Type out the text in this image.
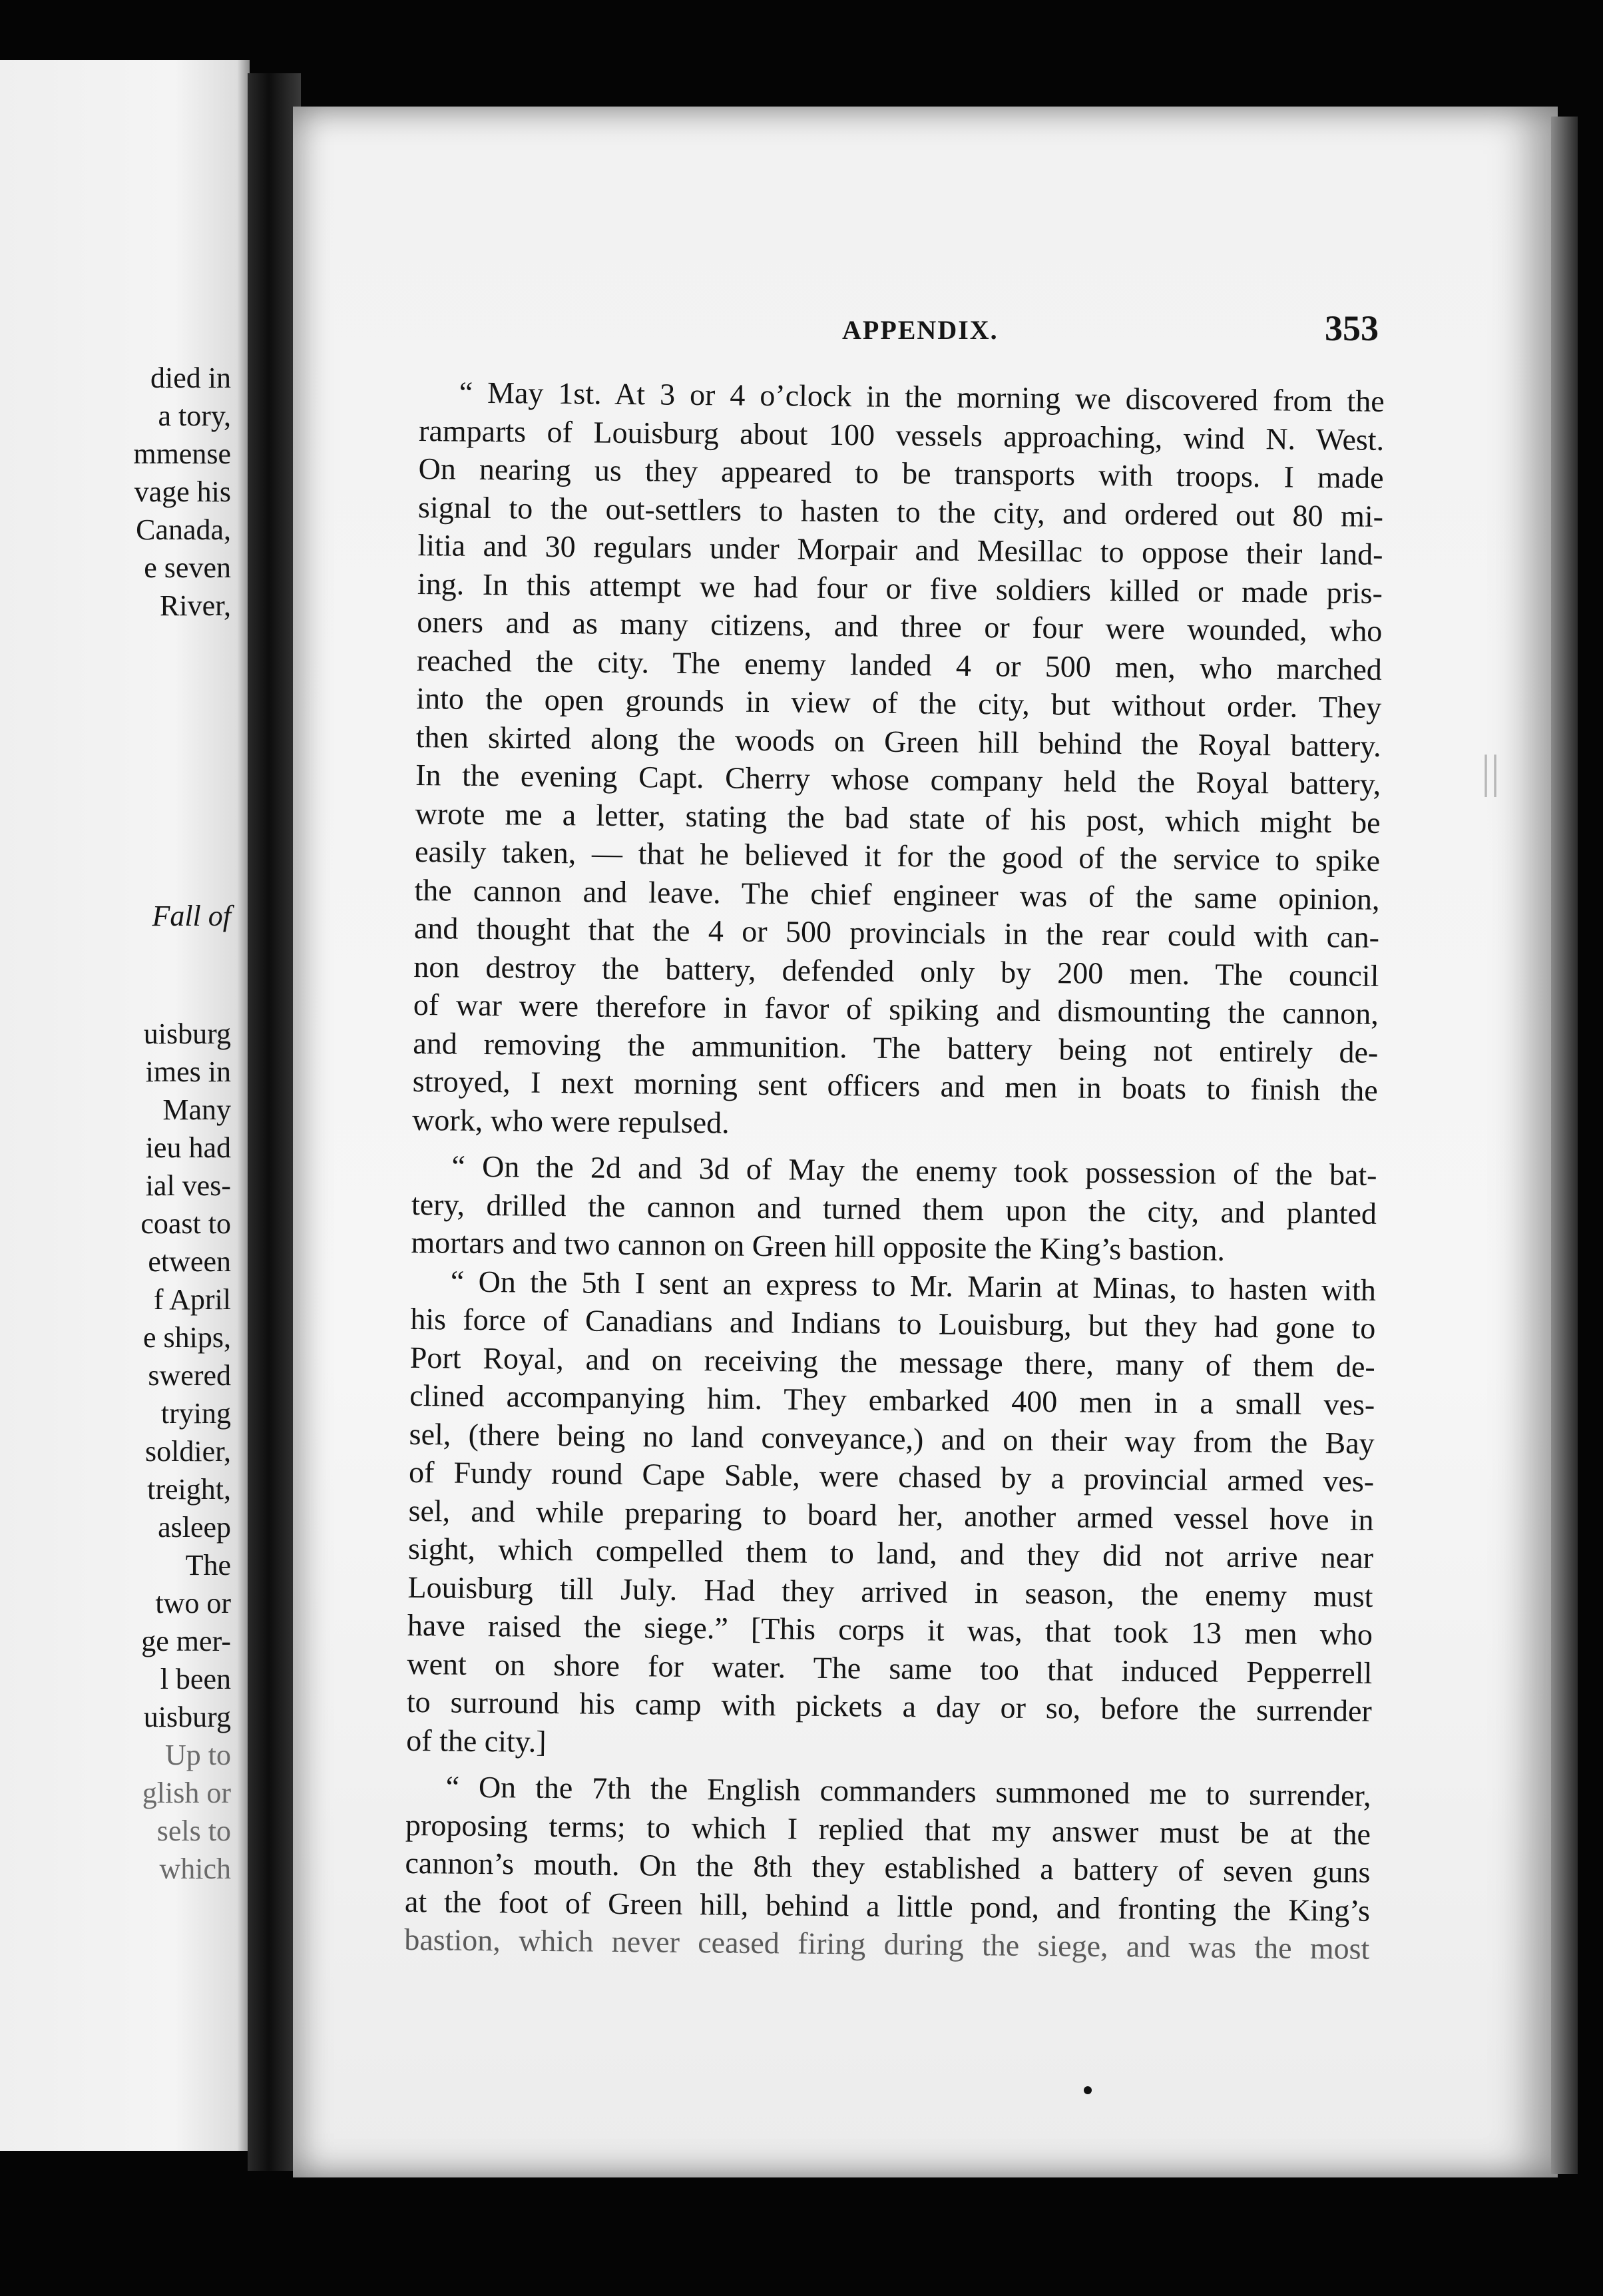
died in
a tory,
mmense
vage his
Canada,
e seven
River,
Fall of
uisburg
imes in
Many
ieu had
ial ves-
coast to
etween
f April
e ships,
swered
trying
soldier,
treight,
asleep
The
two or
ge mer-
l been
uisburg
Up to
glish or
sels to
which
APPENDIX.	353
“ May 1st. At 3 or 4 o’clock in the morning we discovered from the
ramparts of Louisburg about 100 vessels approaching, wind N. West.
On nearing us they appeared to be transports with troops. I made
signal to the out-settlers to hasten to the city, and ordered out 80 mi-
litia and 30 regulars under Morpair and Mesillac to oppose their land-
ing. In this attempt we had four or five soldiers killed or made pris-
oners and as many citizens, and three or four were wounded, who
reached the city. The enemy landed 4 or 500 men, who marched
into the open grounds in view of the city, but without order. They
then skirted along the woods on Green hill behind the Royal battery.
In the evening Capt. Cherry whose company held the Royal battery,
wrote me a letter, stating the bad state of his post, which might be
easily taken, — that he believed it for the good of the service to spike
the cannon and leave. The chief engineer was of the same opinion,
and thought that the 4 or 500 provincials in the rear could with can-
non destroy the battery, defended only by 200 men. The council
of war were therefore in favor of spiking and dismounting the cannon,
and removing the ammunition. The battery being not entirely de-
stroyed, I next morning sent officers and men in boats to finish the
work, who were repulsed.
“ On the 2d and 3d of May the enemy took possession of the bat-
tery, drilled the cannon and turned them upon the city, and planted
mortars and two cannon on Green hill opposite the King’s bastion.
“ On the 5th I sent an express to Mr. Marin at Minas, to hasten with
his force of Canadians and Indians to Louisburg, but they had gone to
Port Royal, and on receiving the message there, many of them de-
clined accompanying him. They embarked 400 men in a small ves-
sel, (there being no land conveyance,) and on their way from the Bay
of Fundy round Cape Sable, were chased by a provincial armed ves-
sel, and while preparing to board her, another armed vessel hove in
sight, which compelled them to land, and they did not arrive near
Louisburg till July. Had they arrived in season, the enemy must
have raised the siege.” [This corps it was, that took 13 men who
went on shore for water. The same too that induced Pepperrell
to surround his camp with pickets a day or so, before the surrender
of the city.]
“ On the 7th the English commanders summoned me to surrender,
proposing terms; to which I replied that my answer must be at the
cannon’s mouth. On the 8th they established a battery of seven guns
at the foot of Green hill, behind a little pond, and fronting the King’s
bastion, which never ceased firing during the siege, and was the most
||
